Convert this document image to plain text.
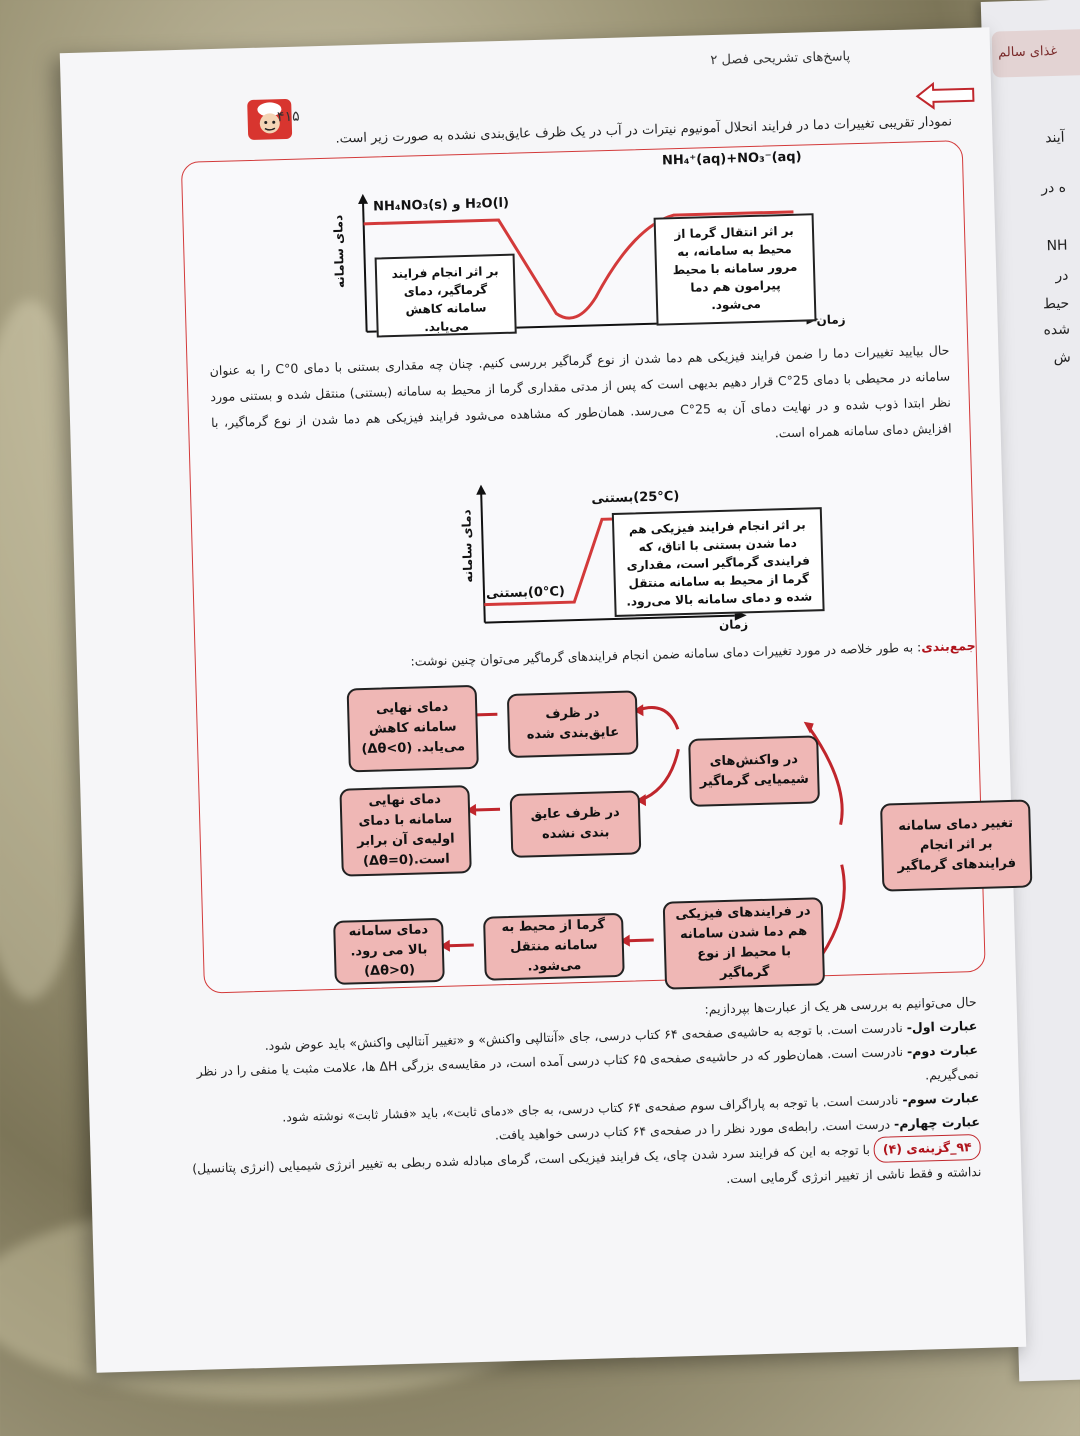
غذای سالم
آیند
ه در
NH
در
حیط
شده
ش
پاسخ‌های تشریحی فصل ۲
۴۱۵	نمودار تقریبی تغییرات دما در فرایند انحلال آمونیوم نیترات در آب در یک ظرف عایق‌بندی نشده به صورت زیر است.
NH₄NO₃(s) و H₂O(l)
NH₄⁺(aq)+NO₃⁻(aq)
دمای سامانه
زمان
بر اثر انجام فرایند گرماگیر، دمای سامانه کاهش می‌یابد.
بر اثر انتقال گرما از محیط به سامانه، به مرور سامانه با محیط پیرامون هم دما می‌شود.
حال بیایید تغییرات دما را ضمن فرایند فیزیکی هم دما شدن از نوع گرماگیر بررسی کنیم. چنان چه مقداری بستنی با دمای 0°C را به عنوان سامانه در محیطی با دمای 25°C قرار دهیم بدیهی است که پس از مدتی مقداری گرما از محیط به سامانه (بستنی) منتقل شده و بستنی مورد نظر ابتدا ذوب شده و در نهایت دمای آن به 25°C می‌رسد. همان‌طور که مشاهده می‌شود فرایند فیزیکی هم دما شدن از نوع گرماگیر، با افزایش دمای سامانه همراه است.
دمای سامانه
زمان
بستنی(25°C)
بستنی(0°C)
بر اثر انجام فرایند فیزیکی هم دما شدن بستنی با اتاق، که فرایندی گرماگیر است، مقداری گرما از محیط به سامانه منتقل شده و دمای سامانه بالا می‌رود.
جمع‌بندی: به طور خلاصه در مورد تغییرات دمای سامانه ضمن انجام فرایندهای گرماگیر می‌توان چنین نوشت:
تغییر دمای سامانه بر اثر انجام فرایندهای گرماگیر
در واکنش‌های شیمیایی گرماگیر
در فرایندهای فیزیکی هم دما شدن سامانه با محیط از نوع گرماگیر
در ظرف عایق‌بندی شده
در ظرف عایق بندی نشده
گرما از محیط به سامانه منتقل می‌شود.
دمای نهایی سامانه کاهش می‌یابد. (Δθ<0)
دمای نهایی سامانه با دمای اولیه‌ی آن برابر است.(Δθ=0)
دمای سامانه بالا می رود.(Δθ>0)

حال می‌توانیم به بررسی هر یک از عبارت‌ها بپردازیم:

عبارت اول- نادرست است. با توجه به حاشیه‌ی صفحه‌ی ۶۴ کتاب درسی، جای «آنتالپی واکنش» و «تغییر آنتالپی واکنش» باید عوض شود.

عبارت دوم- نادرست است. همان‌طور که در حاشیه‌ی صفحه‌ی ۶۵ کتاب درسی آمده است، در مقایسه‌ی بزرگی ΔH ها، علامت مثبت یا منفی را در نظر نمی‌گیریم.

عبارت سوم- نادرست است. با توجه به پاراگراف سوم صفحه‌ی ۶۴ کتاب درسی، به جای «دمای ثابت»، باید «فشار ثابت» نوشته شود.

عبارت چهارم- درست است. رابطه‌ی مورد نظر را در صفحه‌ی ۶۴ کتاب درسی خواهید یافت.

۹۴_گزینه‌ی (۴) با توجه به این که فرایند سرد شدن چای، یک فرایند فیزیکی است، گرمای مبادله شده ربطی به تغییر انرژی شیمیایی (انرژی پتانسیل) نداشته و فقط ناشی از تغییر انرژی گرمایی است.
